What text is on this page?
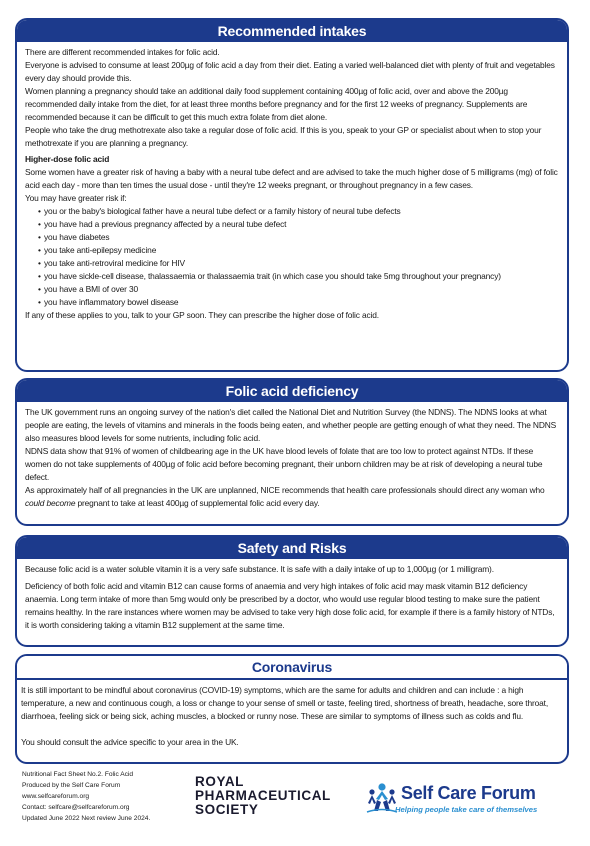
Recommended intakes

There are different recommended intakes for folic acid.

Everyone is advised to consume at least 200µg of folic acid a day from their diet. Eating a varied well-balanced diet with plenty of fruit and vegetables every day should provide this.

Women planning a pregnancy should take an additional daily food supplement containing 400µg of folic acid, over and above the 200µg recommended daily intake from the diet, for at least three months before pregnancy and for the first 12 weeks of pregnancy. Supplements are recommended because it can be difficult to get this much extra folate from diet alone.

People who take the drug methotrexate also take a regular dose of folic acid. If this is you, speak to your GP or specialist about when to stop your methotrexate if you are planning a pregnancy.

Higher-dose folic acid

Some women have a greater risk of having a baby with a neural tube defect and are advised to take the much higher dose of 5 milligrams (mg) of folic acid each day - more than ten times the usual dose - until they're 12 weeks pregnant, or throughout pregnancy in a few cases.

You may have greater risk if:

• you or the baby's biological father have a neural tube defect or a family history of neural tube defects
• you have had a previous pregnancy affected by a neural tube defect
• you have diabetes
• you take anti-epilepsy medicine
• you take anti-retroviral medicine for HIV
• you have sickle-cell disease, thalassaemia or thalassaemia trait (in which case you should take 5mg throughout your pregnancy)
• you have a BMI of over 30
• you have inflammatory bowel disease

If any of these applies to you, talk to your GP soon. They can prescribe the higher dose of folic acid.

Folic acid deficiency

The UK government runs an ongoing survey of the nation's diet called the National Diet and Nutrition Survey (the NDNS). The NDNS looks at what people are eating, the levels of vitamins and minerals in the foods being eaten, and whether people are getting enough of what they need. The NDNS also measures blood levels for some nutrients, including folic acid.

NDNS data show that 91% of women of childbearing age in the UK have blood levels of folate that are too low to protect against NTDs. If these women do not take supplements of 400µg of folic acid before becoming pregnant, their unborn children may be at risk of developing a neural tube defect.

As approximately half of all pregnancies in the UK are unplanned, NICE recommends that health care professionals should direct any woman who could become pregnant to take at least 400µg of supplemental folic acid every day.

Safety and Risks

Because folic acid is a water soluble vitamin it is a very safe substance. It is safe with a daily intake of up to 1,000µg (or 1 milligram).

Deficiency of both folic acid and vitamin B12 can cause forms of anaemia and very high intakes of folic acid may mask vitamin B12 deficiency anaemia. Long term intake of more than 5mg would only be prescribed by a doctor, who would use regular blood testing to make sure the patient remains healthy. In the rare instances where women may be advised to take very high dose folic acid, for example if there is a family history of NTDs, it is worth considering taking a vitamin B12 supplement at the same time.

Coronavirus

It is still important to be mindful about coronavirus (COVID-19) symptoms, which are the same for adults and children and can include : a high temperature, a new and continuous cough, a loss or change to your sense of smell or taste, feeling tired, shortness of breath, headache, sore throat, diarrhoea, feeling sick or being sick, aching muscles, a blocked or runny nose. These are similar to symptoms of illness such as colds and flu.

You should consult the advice specific to your area in the UK.

Nutritional Fact Sheet No.2. Folic Acid
Produced by the Self Care Forum
www.selfcareforum.org
Contact: selfcare@selfcareforum.org
Updated June 2022 Next review June 2024.
ROYAL
PHARMACEUTICAL
SOCIETY
Self Care Forum
Helping people take care of themselves
